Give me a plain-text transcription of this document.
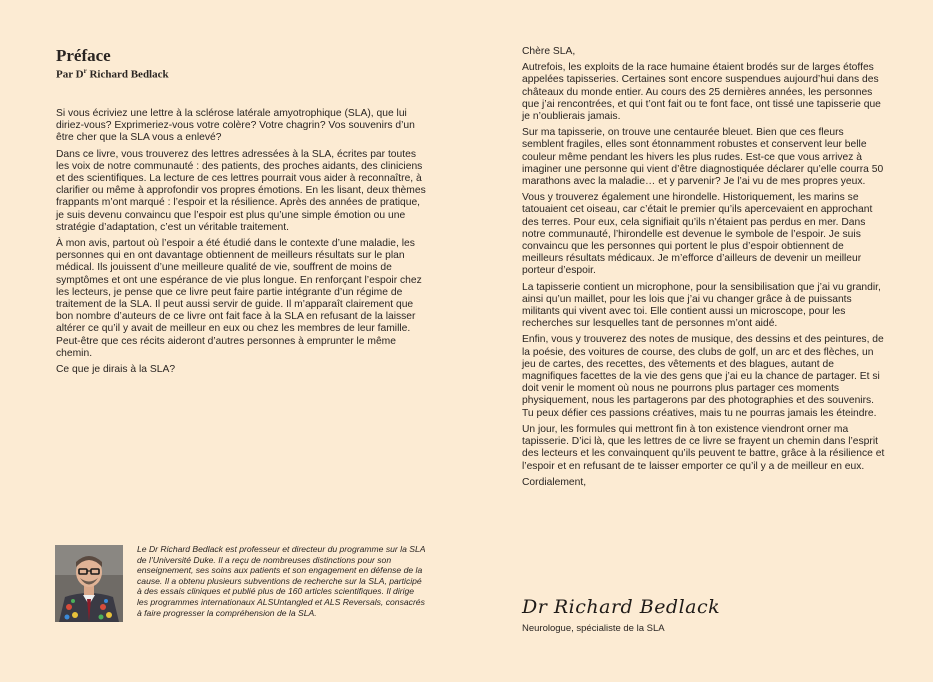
Préface

Par $D^r$ Richard Bedlack

Si vous écriviez une lettre à la sclérose latérale amyotrophique (SLA), que lui diriez-vous? Exprimeriez-vous votre colère? Votre chagrin? Vos souvenirs d’un être cher que la SLA vous a enlevé?

Dans ce livre, vous trouverez des lettres adressées à la SLA, écrites par toutes les voix de notre communauté : des patients, des proches aidants, des cliniciens et des scientifiques. La lecture de ces lettres pourrait vous aider à reconnaître, à clarifier ou même à approfondir vos propres émotions. En les lisant, deux thèmes frappants m’ont marqué : l’espoir et la résilience. Après des années de pratique, je suis devenu convaincu que l’espoir est plus qu’une simple émotion ou une stratégie d’adaptation, c’est un véritable traitement.

À mon avis, partout où l’espoir a été étudié dans le contexte d’une maladie, les personnes qui en ont davantage obtiennent de meilleurs résultats sur le plan médical. Ils jouissent d’une meilleure qualité de vie, souffrent de moins de symptômes et ont une espérance de vie plus longue. En renforçant l’espoir chez les lecteurs, je pense que ce livre peut faire partie intégrante d’un régime de traitement de la SLA. Il peut aussi servir de guide. Il m’apparaît clairement que bon nombre d’auteurs de ce livre ont fait face à la SLA en refusant de la laisser altérer ce qu’il y avait de meilleur en eux ou chez les membres de leur famille. Peut-être que ces récits aideront d’autres personnes à emprunter le même chemin.

Ce que je dirais à la SLA?

Le Dr Richard Bedlack est professeur et directeur du programme sur la SLA de l’Université Duke. Il a reçu de nombreuses distinctions pour son enseignement, ses soins aux patients et son engagement en défense de la cause. Il a obtenu plusieurs subventions de recherche sur la SLA, participé à des essais cliniques et publié plus de 160 articles scientifiques. Il dirige les programmes internationaux ALSUntangled et ALS Reversals, consacrés à faire progresser la compréhension de la SLA.

Chère SLA,

Autrefois, les exploits de la race humaine étaient brodés sur de larges étoffes appelées tapisseries. Certaines sont encore suspendues aujourd’hui dans des châteaux du monde entier. Au cours des 25 dernières années, les personnes que j’ai rencontrées, et qui t’ont fait ou te font face, ont tissé une tapisserie que je n’oublierais jamais.

Sur ma tapisserie, on trouve une centaurée bleuet. Bien que ces fleurs semblent fragiles, elles sont étonnamment robustes et conservent leur belle couleur même pendant les hivers les plus rudes. Est-ce que vous arrivez à imaginer une personne qui vient d’être diagnostiquée déclarer qu’elle courra 50 marathons avec la maladie… et y parvenir? Je l’ai vu de mes propres yeux.

Vous y trouverez également une hirondelle. Historiquement, les marins se tatouaient cet oiseau, car c’était le premier qu’ils apercevaient en approchant des terres. Pour eux, cela signifiait qu’ils n’étaient pas perdus en mer. Dans notre communauté, l’hirondelle est devenue le symbole de l’espoir. Je suis convaincu que les personnes qui portent le plus d’espoir obtiennent de meilleurs résultats médicaux. Je m’efforce d’ailleurs de devenir un meilleur porteur d’espoir.

La tapisserie contient un microphone, pour la sensibilisation que j’ai vu grandir, ainsi qu’un maillet, pour les lois que j’ai vu changer grâce à de puissants militants qui vivent avec toi. Elle contient aussi un microscope, pour les recherches sur lesquelles tant de personnes m’ont aidé.

Enfin, vous y trouverez des notes de musique, des dessins et des peintures, de la poésie, des voitures de course, des clubs de golf, un arc et des flèches, un jeu de cartes, des recettes, des vêtements et des blagues, autant de magnifiques facettes de la vie des gens que j’ai eu la chance de partager. Et si doit venir le moment où nous ne pourrons plus partager ces moments physiquement, nous les partagerons par des photographies et des souvenirs. Tu peux défier ces passions créatives, mais tu ne pourras jamais les éteindre.

Un jour, les formules qui mettront fin à ton existence viendront orner ma tapisserie. D’ici là, que les lettres de ce livre se frayent un chemin dans l’esprit des lecteurs et les convainquent qu’ils peuvent te battre, grâce à la résilience et l’espoir et en refusant de te laisser emporter ce qu’il y a de meilleur en eux.

Cordialement,

Dr Richard Bedlack
Neurologue, spécialiste de la SLA
